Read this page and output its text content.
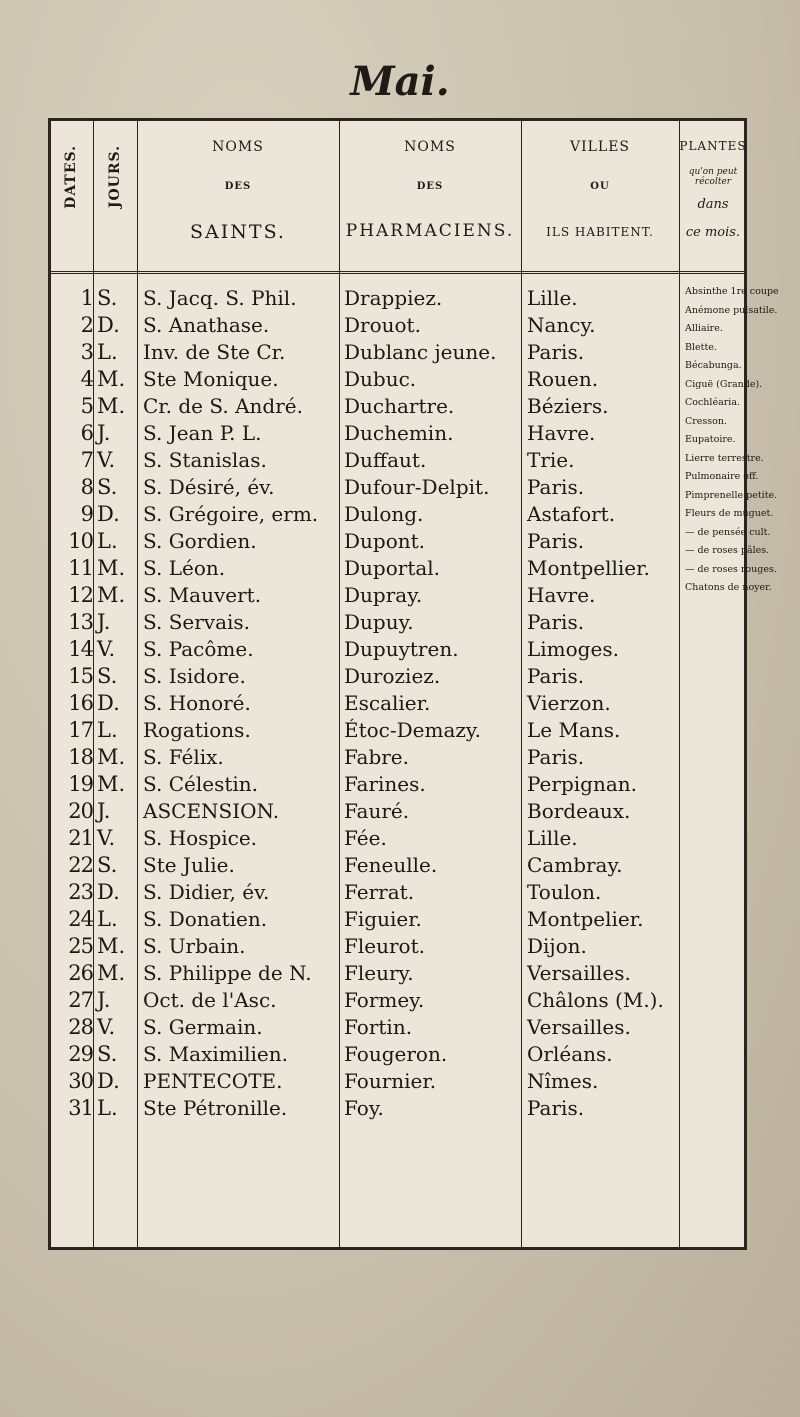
Mai.
DATES. JOURS.	NOMS
DES
SAINTS.
NOMS
DES
PHARMACIENS.
VILLES
OU
ILS HABITENT.
PLANTES
qu'on peut récolter
dans
ce mois.
1 S.	S. Jacq. S. Phil.	Drappiez.	Lille.
2 D.	S. Anathase.	Drouot.	Nancy.
3 L.	Inv. de Ste Cr.	Dublanc jeune.	Paris.
4 M. Ste Monique.	Dubuc.	Rouen.
5 M. Cr. de S. André.	Duchartre.	Béziers.
6 J.	S. Jean P. L.	Duchemin.	Havre.
7 V.	S. Stanislas.	Duffaut.	Trie.
8 S.	S. Désiré, év.	Dufour-Delpit.	Paris.
9 D.	S. Grégoire, erm.	Dulong.	Astafort.
10 L.	S. Gordien.	Dupont.	Paris.
11 M. S. Léon.	Duportal.	Montpellier.
12 M. S. Mauvert.	Dupray.	Havre.
13 J.	S. Servais.	Dupuy.	Paris.
14 V.	S. Pacôme.	Dupuytren.	Limoges.
15 S.	S. Isidore.	Duroziez.	Paris.
16 D.	S. Honoré.	Escalier.	Vierzon.
17 L.	Rogations.	Étoc-Demazy.	Le Mans.
18 M. S. Félix.	Fabre.	Paris.
19 M. S. Célestin.	Farines.	Perpignan.
20 J.	ASCENSION.	Fauré.	Bordeaux.
21 V.	S. Hospice.	Fée.	Lille.
22 S.	Ste Julie.	Feneulle.	Cambray.
23 D.	S. Didier, év.	Ferrat.	Toulon.
24 L.	S. Donatien.	Figuier.	Montpelier.
25 M. S. Urbain.	Fleurot.	Dijon.
26 M. S. Philippe de N.	Fleury.	Versailles.
27 J.	Oct. de l'Asc.	Formey.	Châlons (M.).
28 V.	S. Germain.	Fortin.	Versailles.
29 S.	S. Maximilien.	Fougeron.	Orléans.
30 D.	PENTECOTE.	Fournier.	Nîmes.
31 L.	Ste Pétronille.	Foy.	Paris.
Absinthe 1re coupe
Anémone pulsatile.
Alliaire.
Blette.
Bécabunga.
Ciguë (Grande).
Cochléaria.
Cresson.
Eupatoire.
Lierre terrestre.
Pulmonaire off.
Pimprenelle petite.
Fleurs de muguet.
— de pensée cult.
— de roses pâles.
— de roses rouges.
Chatons de noyer.
